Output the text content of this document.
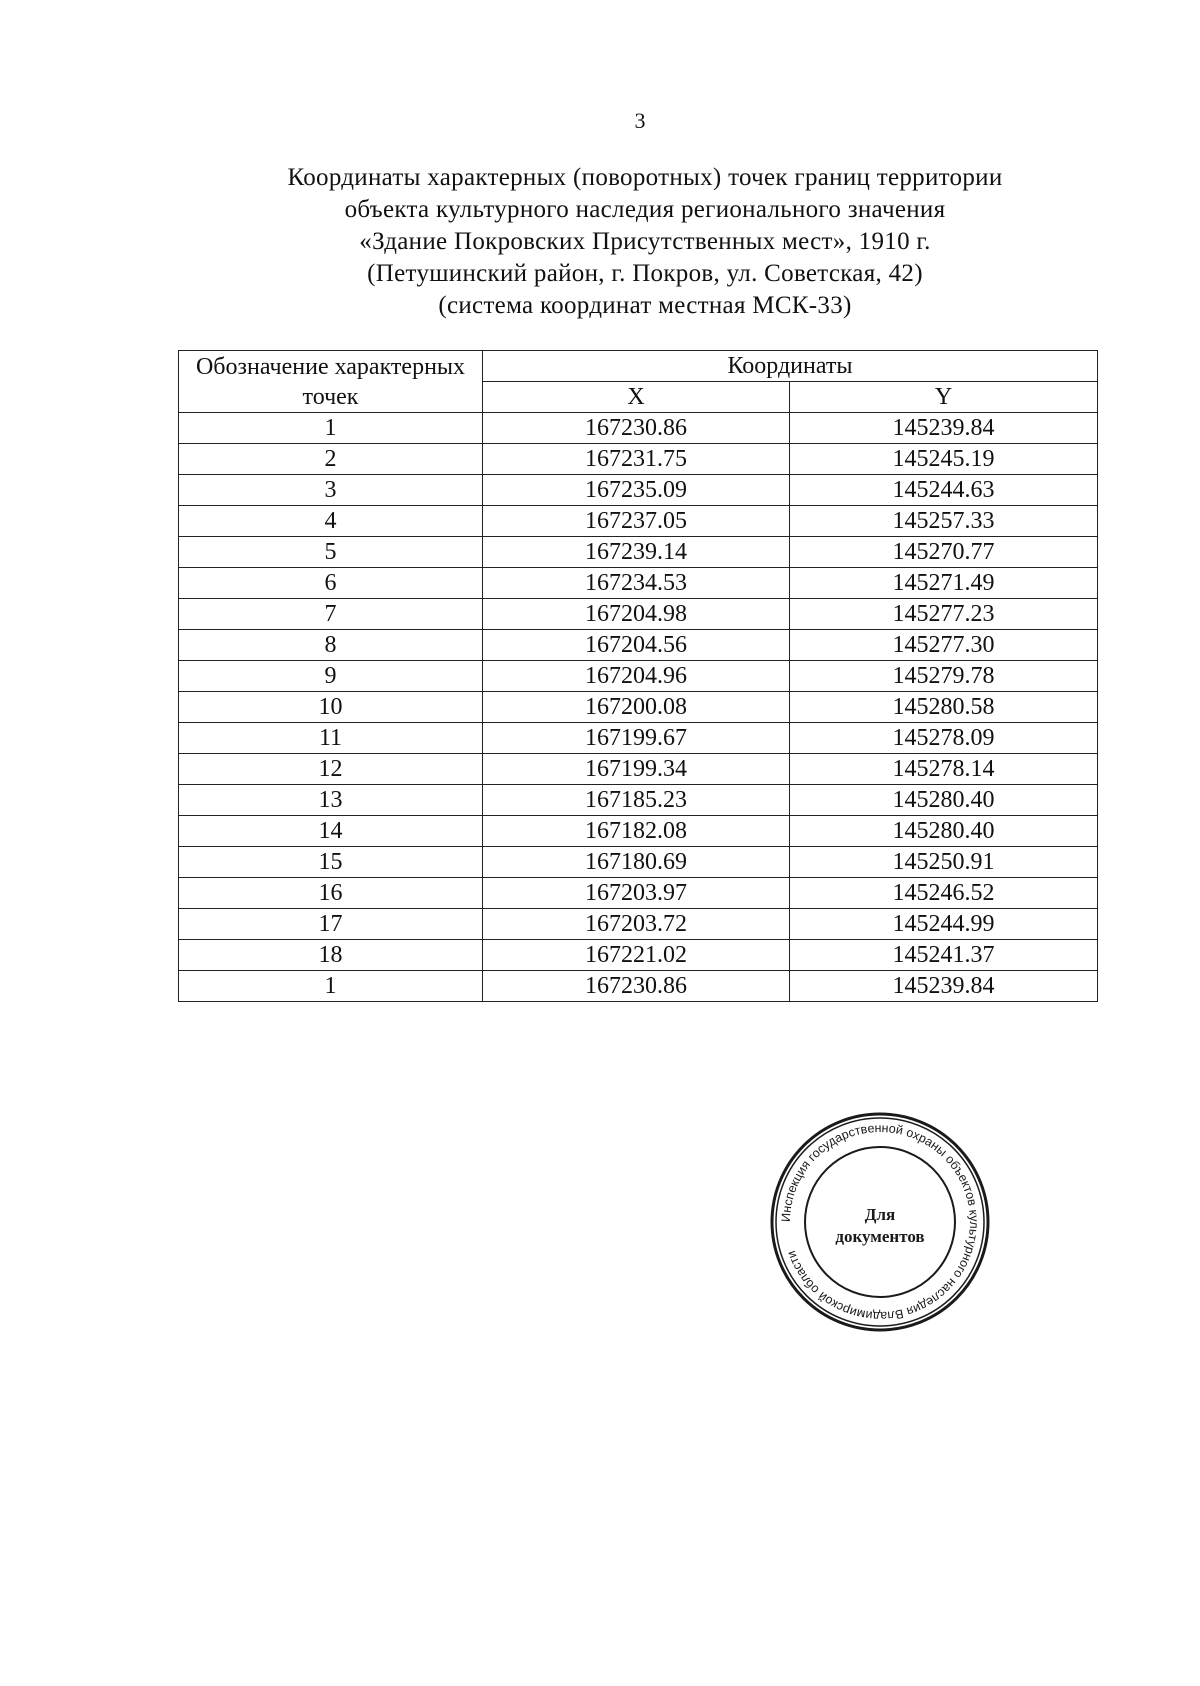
3
Координаты характерных (поворотных) точек границ территории
объекта культурного наследия регионального значения
«Здание Покровских Присутственных мест», 1910 г.
(Петушинский район, г. Покров, ул. Советская, 42)
(система координат местная МСК-33)
Обозначение характерных точек	Координаты	
	X	Y
1	167230.86	145239.84
2	167231.75	145245.19
3	167235.09	145244.63
4	167237.05	145257.33
5	167239.14	145270.77
6	167234.53	145271.49
7	167204.98	145277.23
8	167204.56	145277.30
9	167204.96	145279.78
10	167200.08	145280.58
11	167199.67	145278.09
12	167199.34	145278.14
13	167185.23	145280.40
14	167182.08	145280.40
15	167180.69	145250.91
16	167203.97	145246.52
17	167203.72	145244.99
18	167221.02	145241.37
1	167230.86	145239.84
Инспекция государственной охраны объектов культурного наследия Владимирской области
Для
документов
